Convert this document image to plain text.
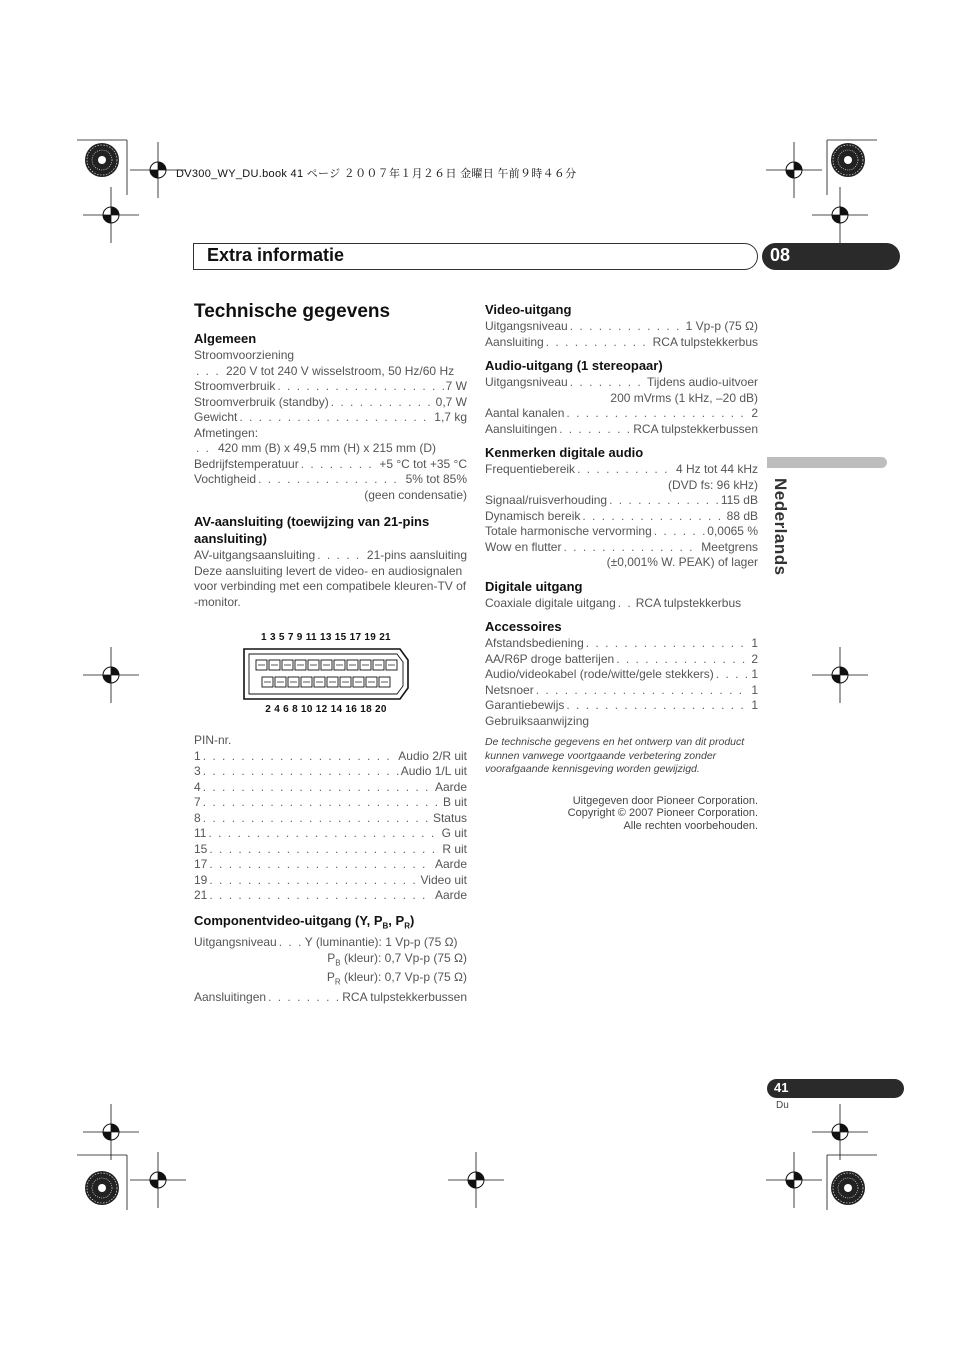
DV300_WY_DU.book 41 ページ ２００７年１月２６日 金曜日 午前９時４６分
Extra informatie	08
Nederlands
41
Du
Technische gegevens
Algemeen
Stroomvoorziening
. . .
220 V tot 240 V wisselstroom, 50 Hz/60 Hz
Stroomverbruik . . .	7 W
Stroomverbruik (standby) . . .	0,7 W
Gewicht . . .	1,7 kg
Afmetingen:
. . .
420 mm (B) x 49,5 mm (H) x 215 mm (D)
Bedrijfstemperatuur . . .	+5 °C tot +35 °C
Vochtigheid . . .	5% tot 85%
(geen condensatie)
AV-aansluiting (toewijzing van 21-pins aansluiting)
AV-uitgangsaansluiting . . .	21-pins aansluiting
Deze aansluiting levert de video- en audiosignalen voor verbinding met een compatibele kleuren-TV of -monitor.
1 3 5 7 9 11 13 15 17 19 21
2 4 6 8 10 12 14 16 18 20
PIN-nr.
1 . . .	Audio 2/R uit
3 . . .	Audio 1/L uit
4 . . .	Aarde
7 . . .	B uit
8 . . .	Status
11 . . .	G uit
15 . . .	R uit
17 . . .	Aarde
19 . . .	Video uit
21 . . .	Aarde
Componentvideo-uitgang (Y, $P_B$, $P_R$)
Uitgangsniveau . . . Y (luminantie): 1 Vp-p (75 Ω)
$P_B$ (kleur): 0,7 Vp-p (75 Ω)
$P_R$ (kleur): 0,7 Vp-p (75 Ω)
Aansluitingen . . .	RCA tulpstekkerbussen
Video-uitgang
Uitgangsniveau . . .	1 Vp-p (75 Ω)
Aansluiting . . .	RCA tulpstekkerbus
Audio-uitgang (1 stereopaar)
Uitgangsniveau . . .	Tijdens audio-uitvoer
200 mVrms (1 kHz, –20 dB)
Aantal kanalen . . .	2
Aansluitingen . . .	RCA tulpstekkerbussen
Kenmerken digitale audio
Frequentiebereik . . .	4 Hz tot 44 kHz
(DVD fs: 96 kHz)
Signaal/ruisverhouding . . .	115 dB
Dynamisch bereik . . .	88 dB
Totale harmonische vervorming . . .	0,0065 %
Wow en flutter . . .	Meetgrens
(±0,001% W. PEAK) of lager
Digitale uitgang
Coaxiale digitale uitgang . . . RCA tulpstekkerbus
Accessoires
Afstandsbediening . . .	1
AA/R6P droge batterijen . . .	2
Audio/videokabel (rode/witte/gele stekkers) . . .	1
Netsnoer . . .	1
Garantiebewijs . . .	1
Gebruiksaanwijzing
De technische gegevens en het ontwerp van dit product kunnen vanwege voortgaande verbetering zonder voorafgaande kennisgeving worden gewijzigd.
Uitgegeven door Pioneer Corporation.
Copyright © 2007 Pioneer Corporation.
Alle rechten voorbehouden.
